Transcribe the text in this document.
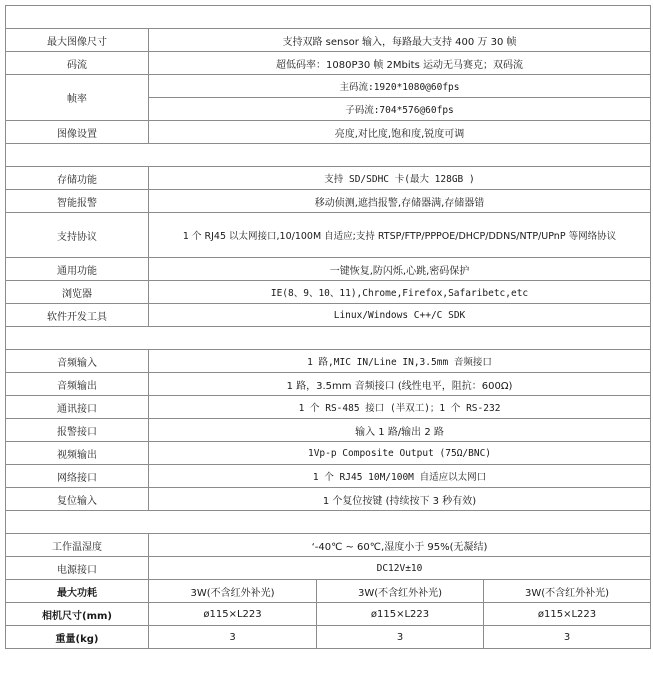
图像指标			
最大图像尺寸	支持双路 sensor 输入，每路最大支持 400 万 30 帧		
码流	超低码率：1080P30 帧 2Mbits 运动无马赛克；双码流		
帧率	主码流:1920*1080@60fps		
	子码流:704*576@60fps		
图像设置	亮度,对比度,饱和度,锐度可调		
网络功能			
存储功能	支持 SD/SDHC 卡(最大 128GB )		
智能报警	移动侦测,遮挡报警,存储器满,存储器错		
支持协议	1 个 RJ45 以太网接口,10/100M 自适应;支持 RTSP/FTP/PPPOE/DHCP/DDNS/NTP/UPnP 等网络协议		
通用功能	一键恢复,防闪烁,心跳,密码保护		
浏览器	IE(8、9、10、11),Chrome,Firefox,Safaribetc,etc		
软件开发工具	Linux/Windows C++/C SDK		
功能接口			
音频输入	1 路,MIC IN/Line IN,3.5mm 音频接口		
音频输出	1 路，3.5mm 音频接口 (线性电平，阻抗：600Ω)		
通讯接口	1 个 RS-485 接口 (半双工)；1 个 RS-232		
报警接口	输入 1 路/输出 2 路		
视频输出	1Vp-p Composite Output (75Ω/BNC)		
网络接口	1 个 RJ45 10M/100M 自适应以太网口		
复位输入	1 个复位按键 (持续按下 3 秒有效)		
一般规范			
工作温湿度	‘-40℃ ~ 60℃,湿度小于 95%(无凝结)		
电源接口	DC12V±10		
最大功耗	3W(不含红外补光)	3W(不含红外补光)	3W(不含红外补光)
相机尺寸(mm)	ø115×L223	ø115×L223	ø115×L223
重量(kg)	3	3	3
